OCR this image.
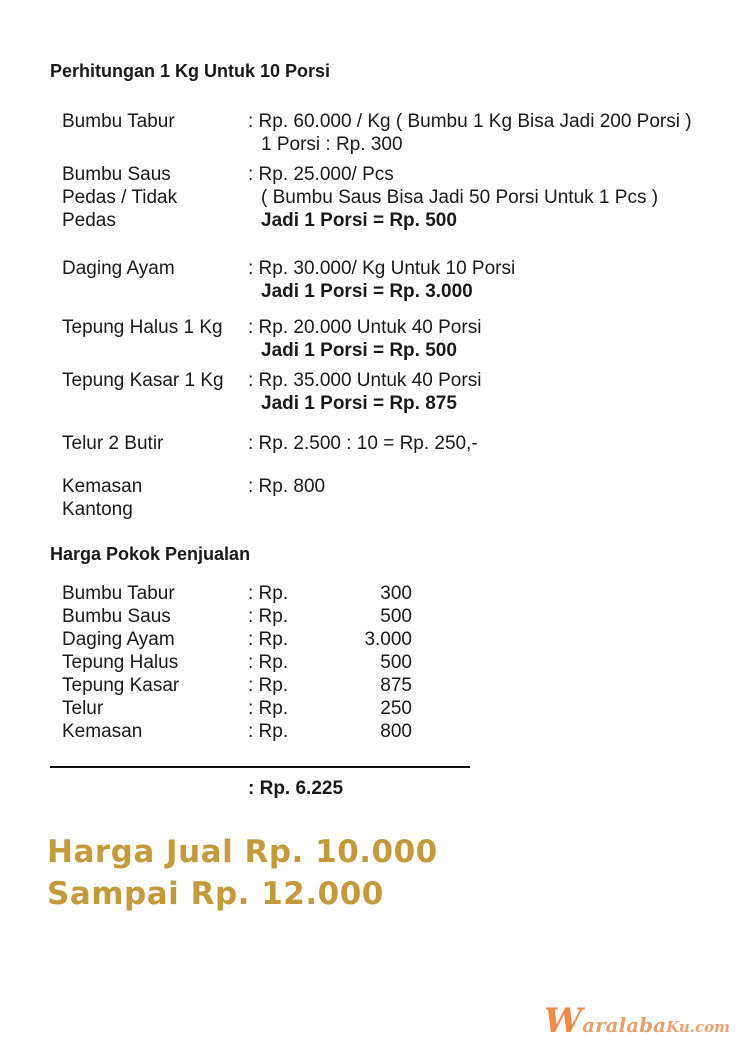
Perhitungan 1 Kg Untuk 10 Porsi
Bumbu Tabur	: Rp. 60.000 / Kg ( Bumbu 1 Kg Bisa Jadi 200 Porsi )
1 Porsi : Rp. 300
Bumbu Saus Pedas / Tidak Pedas
: Rp. 25.000/ Pcs
( Bumbu Saus Bisa Jadi 50 Porsi Untuk 1 Pcs )
Jadi 1 Porsi = Rp. 500
Daging Ayam	: Rp. 30.000/ Kg Untuk 10 Porsi
Jadi 1 Porsi = Rp. 3.000
Tepung Halus 1 Kg	: Rp. 20.000 Untuk 40 Porsi
Jadi 1 Porsi = Rp. 500
Tepung Kasar 1 Kg	: Rp. 35.000 Untuk 40 Porsi
Jadi 1 Porsi = Rp. 875
Telur 2 Butir	: Rp. 2.500 : 10 = Rp. 250,-
Kemasan Kantong
: Rp. 800
Harga Pokok Penjualan
Bumbu Tabur	: Rp.	300
Bumbu Saus	: Rp.	500
Daging Ayam	: Rp.	3.000
Tepung Halus	: Rp.	500
Tepung Kasar	: Rp.	875
Telur	: Rp.	250
Kemasan	: Rp.	800
: Rp. 6.225
Harga Jual Rp. 10.000
Sampai Rp. 12.000
WaralabaKu.com
